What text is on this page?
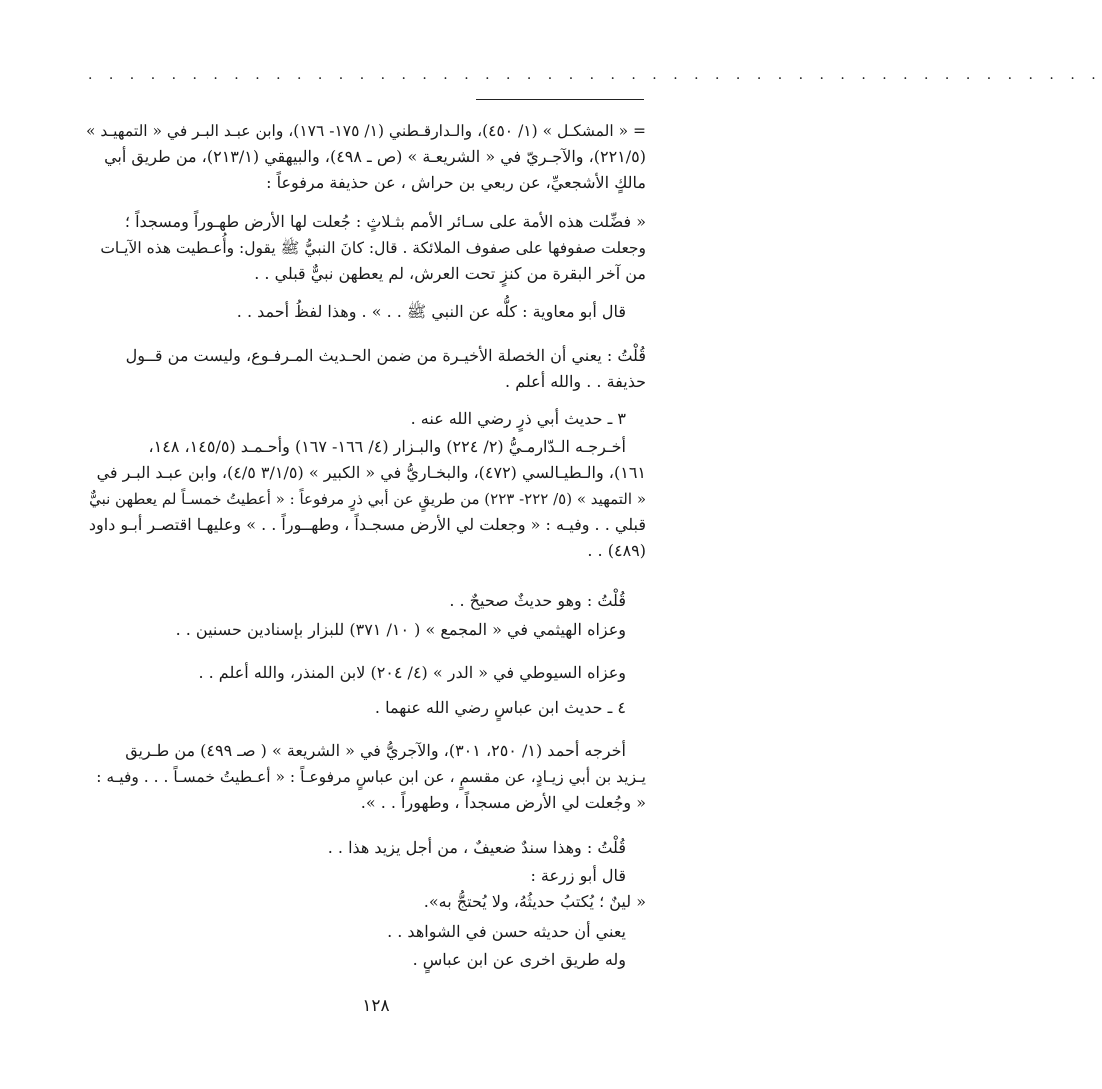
· · · · · · · · · · · · · · · · · · · · · · · · · · · · · · · · · · · · · · · · · · · · · · · · ·
= « المشكـل » (١/ ٤٥٠)، والـدارقـطني (١/ ١٧٥- ١٧٦)، وابن عبـد البـر في « التمهيـد »
(٢٢١/٥)، والآجـريّ في « الشريعـة » (ص ـ ٤٩٨)، والبيهقي (٢١٣/١)، من طريق أبي
مالكٍ الأشجعيِّ، عن ربعي بن حراش ، عن حذيفة مرفوعاً :
« فضِّلت هذه الأمة على سـائر الأمم بثـلاثٍ : جُعلت لها الأرض طهـوراً ومسجداً ؛
وجعلت صفوفها على صفوف الملائكة . قال: كانَ النبيُّ ﷺ يقول: وأُعـطيت هذه الآيـات
من آخر البقرة من كنزٍ تحت العرش، لم يعطهن نبيٌّ قبلي . .
قال أبو معاوية : كلُّه عن النبي ﷺ . . » . وهذا لفظُ أحمد . .
قُلْتُ : يعني أن الخصلة الأخيـرة من ضمن الحـديث المـرفـوع، وليست من قــول
حذيفة . . والله أعلم .
٣ ـ حديث أبي ذرٍ رضي الله عنه .
أخـرجـه الـدّارمـيُّ (٢/ ٢٢٤) والبـزار (٤/ ١٦٦- ١٦٧) وأحـمـد (١٤٥/٥، ١٤٨،
١٦١)، والـطيـالسي (٤٧٢)، والبخـاريُّ في « الكبير » (٣/١/٥ ٤/٥)، وابن عبـد البـر في
« التمهيد » (٥/ ٢٢٢- ٢٢٣) من طريقٍ عن أبي ذرٍ مرفوعاً : « أعطيتُ خمسـاً لم يعطهن نبيٌّ
قبلي . . وفيـه : « وجعلت لي الأرض مسجـداً ، وطهــوراً . . » وعليهـا اقتصـر أبـو داود
(٤٨٩) . .
قُلْتُ : وهو حديثٌ صحيحٌ . .
وعزاه الهيثمي في « المجمع » ( ١٠/ ٣٧١) للبزار بإسنادين حسنين . .
وعزاه السيوطي في « الدر » (٤/ ٢٠٤) لابن المنذر، والله أعلم . .
٤ ـ حديث ابن عباسٍ رضي الله عنهما .
أخرجه أحمد (١/ ٢٥٠، ٣٠١)، والآجريُّ في « الشريعة » ( صـ ٤٩٩) من طـريق
يـزيد بن أبي زيـادٍ، عن مقسمٍ ، عن ابن عباسٍ مرفوعـاً : « أعـطيتُ خمسـاً . . . وفيـه :
« وجُعلت لي الأرض مسجداً ، وطهوراً . . ».
قُلْتُ : وهذا سندٌ ضعيفٌ ، من أجل يزيد هذا . .
قال أبو زرعة :
« لينٌ ؛ يُكتبُ حديثُهُ، ولا يُحتجُّ به».
يعني أن حديثه حسن في الشواهد . .
وله طريق اخرى عن ابن عباسٍ .
١٢٨
